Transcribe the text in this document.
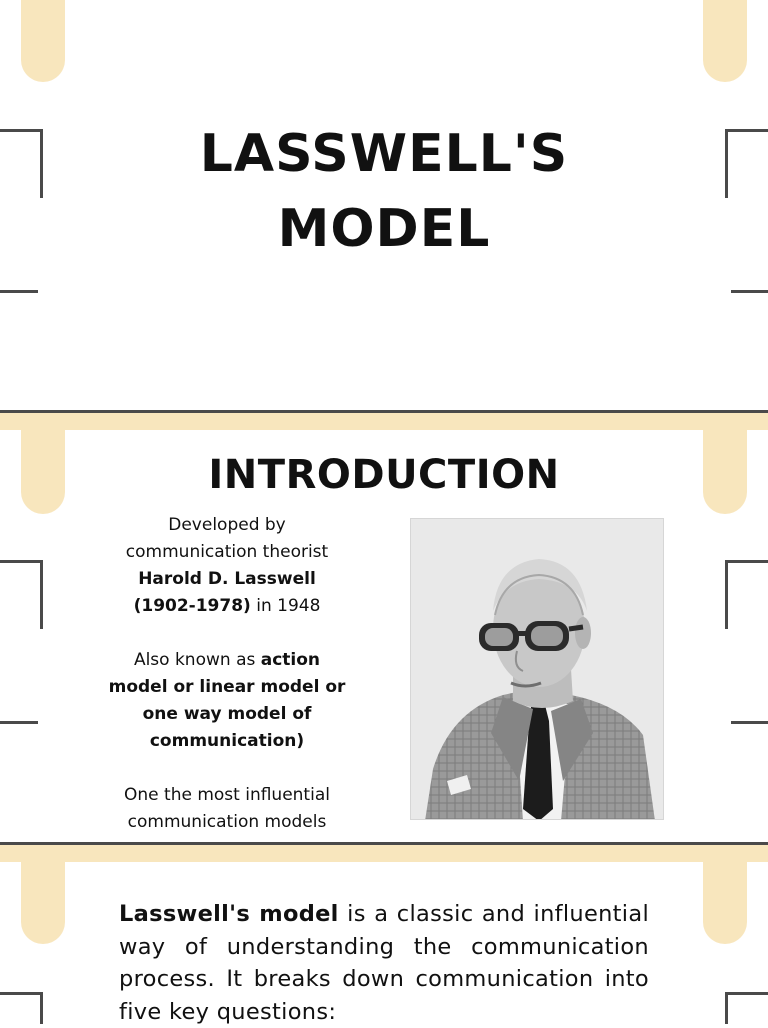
LASSWELL'S
MODEL
INTRODUCTION

Developed by communication theorist Harold D. Lasswell (1902-1978) in 1948

Also known as action model or linear model or one way model of communication)

One the most influential communication models

Lasswell's model is a classic and influential way of understanding the communication process. It breaks down communication into five key questions:
